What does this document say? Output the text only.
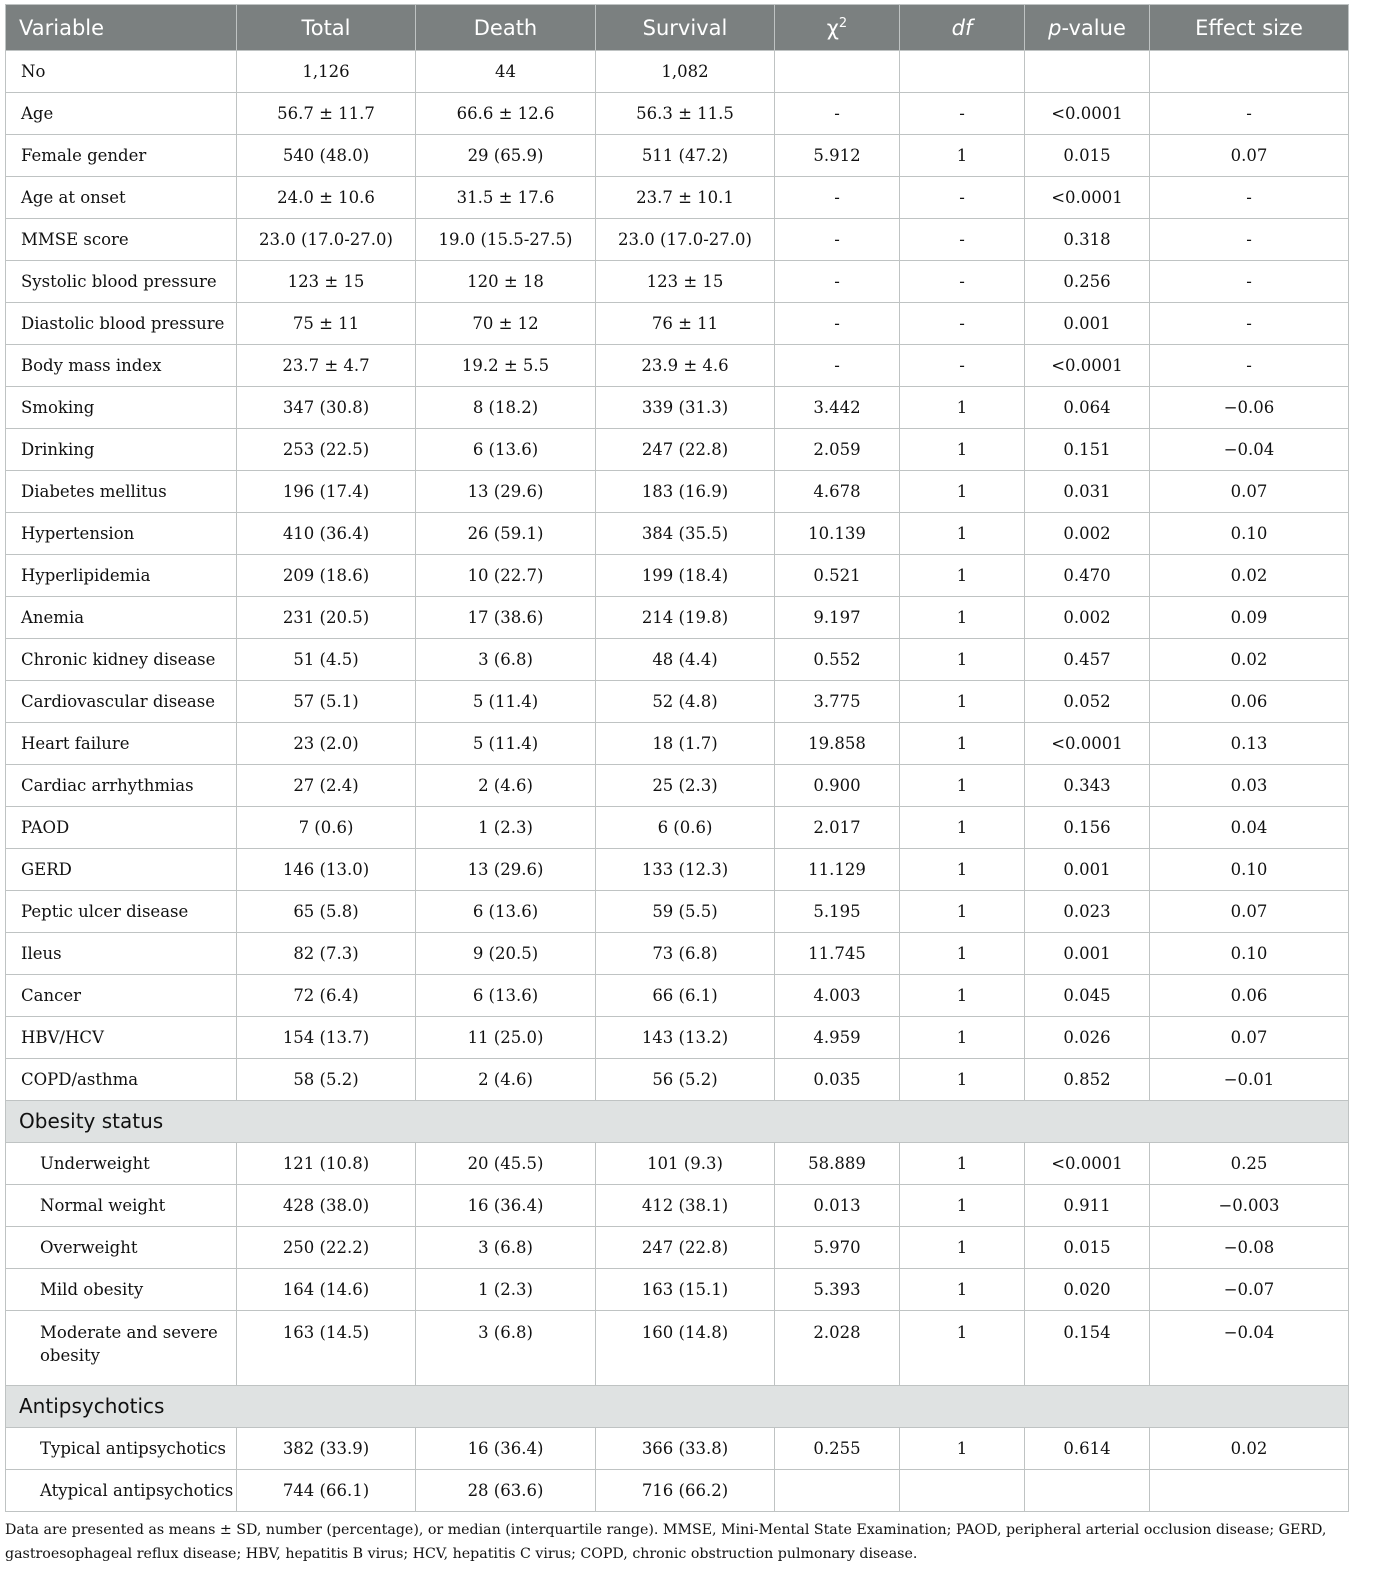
Variable	Total	Death	Survival	$\chi^2$	df	p-value	Effect size
No	1,126	44	1,082				
Age	56.7 ± 11.7	66.6 ± 12.6	56.3 ± 11.5	-	-	<0.0001	-
Female gender	540 (48.0)	29 (65.9)	511 (47.2)	5.912	1	0.015	0.07
Age at onset	24.0 ± 10.6	31.5 ± 17.6	23.7 ± 10.1	-	-	<0.0001	-
MMSE score	23.0 (17.0-27.0)	19.0 (15.5-27.5)	23.0 (17.0-27.0)	-	-	0.318	-
Systolic blood pressure	123 ± 15	120 ± 18	123 ± 15	-	-	0.256	-
Diastolic blood pressure	75 ± 11	70 ± 12	76 ± 11	-	-	0.001	-
Body mass index	23.7 ± 4.7	19.2 ± 5.5	23.9 ± 4.6	-	-	<0.0001	-
Smoking	347 (30.8)	8 (18.2)	339 (31.3)	3.442	1	0.064	−0.06
Drinking	253 (22.5)	6 (13.6)	247 (22.8)	2.059	1	0.151	−0.04
Diabetes mellitus	196 (17.4)	13 (29.6)	183 (16.9)	4.678	1	0.031	0.07
Hypertension	410 (36.4)	26 (59.1)	384 (35.5)	10.139	1	0.002	0.10
Hyperlipidemia	209 (18.6)	10 (22.7)	199 (18.4)	0.521	1	0.470	0.02
Anemia	231 (20.5)	17 (38.6)	214 (19.8)	9.197	1	0.002	0.09
Chronic kidney disease	51 (4.5)	3 (6.8)	48 (4.4)	0.552	1	0.457	0.02
Cardiovascular disease	57 (5.1)	5 (11.4)	52 (4.8)	3.775	1	0.052	0.06
Heart failure	23 (2.0)	5 (11.4)	18 (1.7)	19.858	1	<0.0001	0.13
Cardiac arrhythmias	27 (2.4)	2 (4.6)	25 (2.3)	0.900	1	0.343	0.03
PAOD	7 (0.6)	1 (2.3)	6 (0.6)	2.017	1	0.156	0.04
GERD	146 (13.0)	13 (29.6)	133 (12.3)	11.129	1	0.001	0.10
Peptic ulcer disease	65 (5.8)	6 (13.6)	59 (5.5)	5.195	1	0.023	0.07
Ileus	82 (7.3)	9 (20.5)	73 (6.8)	11.745	1	0.001	0.10
Cancer	72 (6.4)	6 (13.6)	66 (6.1)	4.003	1	0.045	0.06
HBV/HCV	154 (13.7)	11 (25.0)	143 (13.2)	4.959	1	0.026	0.07
COPD/asthma	58 (5.2)	2 (4.6)	56 (5.2)	0.035	1	0.852	−0.01
Obesity status							
Underweight	121 (10.8)	20 (45.5)	101 (9.3)	58.889	1	<0.0001	0.25
Normal weight	428 (38.0)	16 (36.4)	412 (38.1)	0.013	1	0.911	−0.003
Overweight	250 (22.2)	3 (6.8)	247 (22.8)	5.970	1	0.015	−0.08
Mild obesity	164 (14.6)	1 (2.3)	163 (15.1)	5.393	1	0.020	−0.07
Moderate and severe obesity	163 (14.5)	3 (6.8)	160 (14.8)	2.028	1	0.154	−0.04
Antipsychotics							
Typical antipsychotics	382 (33.9)	16 (36.4)	366 (33.8)	0.255	1	0.614	0.02
Atypical antipsychotics	744 (66.1)	28 (63.6)	716 (66.2)				
Data are presented as means ± SD, number (percentage), or median (interquartile range). MMSE, Mini-Mental State Examination; PAOD, peripheral arterial occlusion disease; GERD, gastroesophageal reflux disease; HBV, hepatitis B virus; HCV, hepatitis C virus; COPD, chronic obstruction pulmonary disease.
